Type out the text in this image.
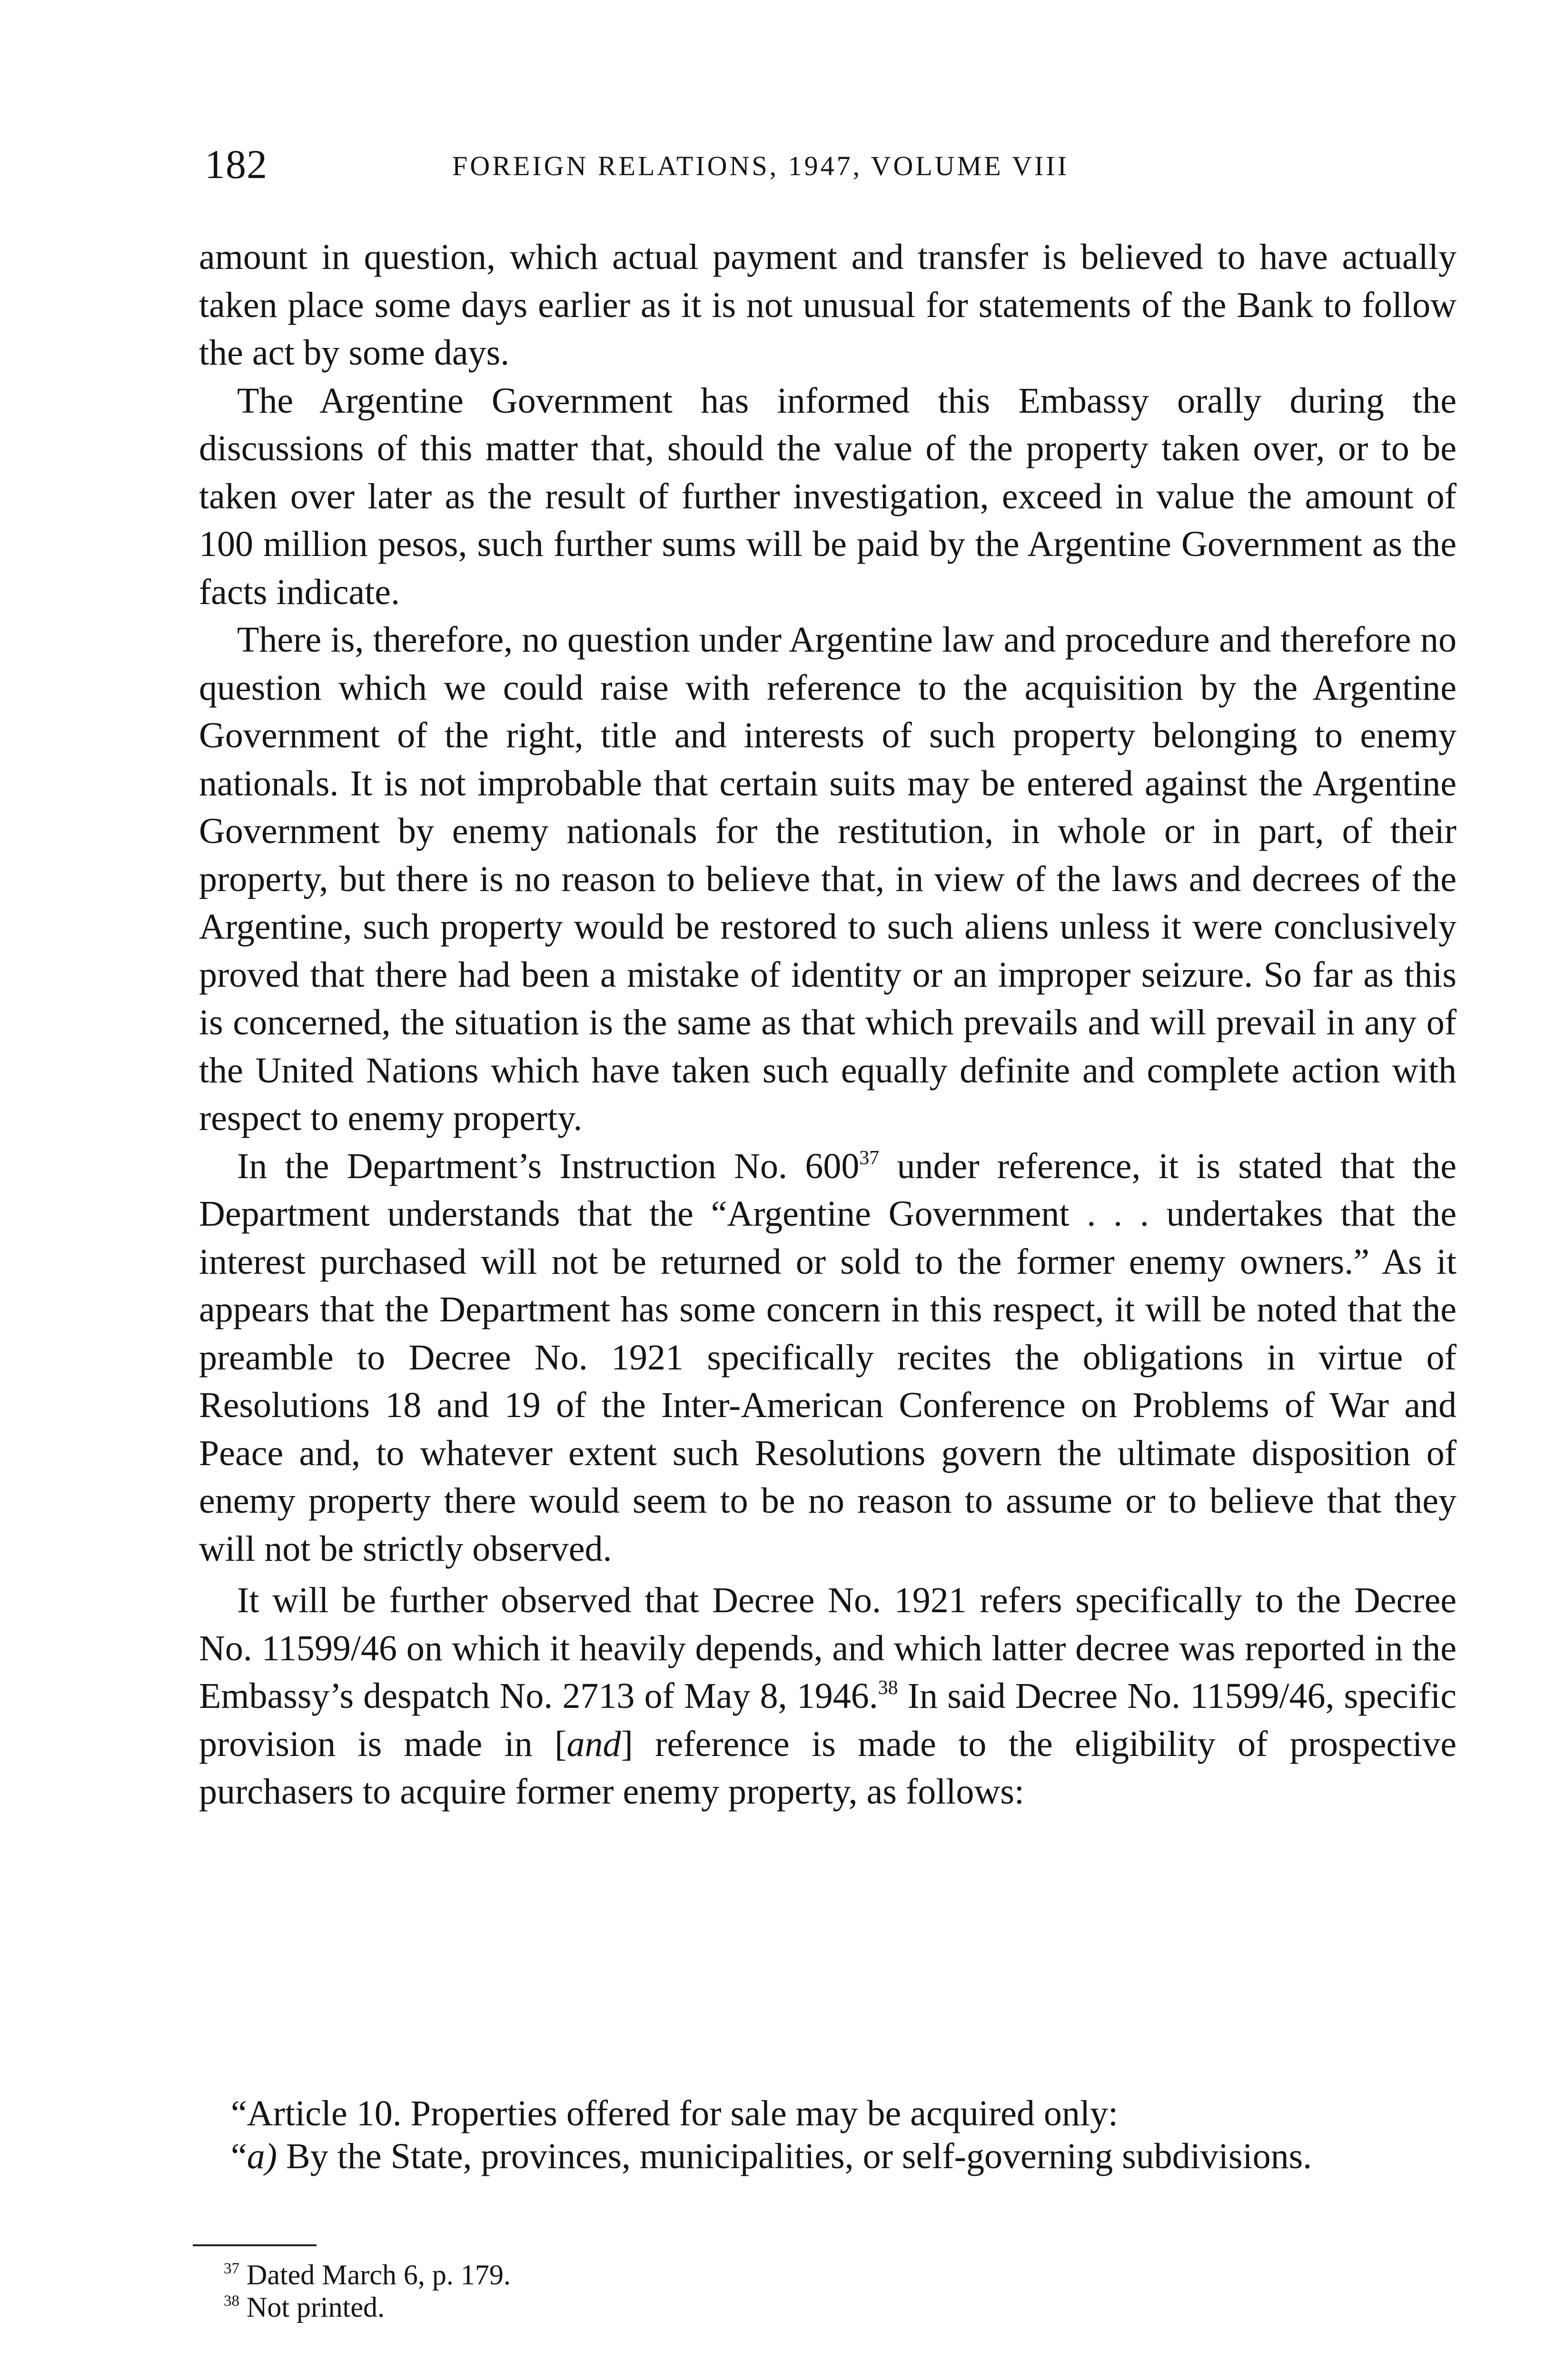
182	FOREIGN RELATIONS, 1947, VOLUME VIII

amount in question, which actual payment and transfer is believed to have actually taken place some days earlier as it is not unusual for statements of the Bank to follow the act by some days.

The Argentine Government has informed this Embassy orally during the discussions of this matter that, should the value of the property taken over, or to be taken over later as the result of further investigation, exceed in value the amount of 100 million pesos, such further sums will be paid by the Argentine Government as the facts indicate.

There is, therefore, no question under Argentine law and procedure and therefore no question which we could raise with reference to the acquisition by the Argentine Government of the right, title and interests of such property belonging to enemy nationals. It is not improbable that certain suits may be entered against the Argentine Government by enemy nationals for the restitution, in whole or in part, of their property, but there is no reason to believe that, in view of the laws and decrees of the Argentine, such property would be restored to such aliens unless it were conclusively proved that there had been a mistake of identity or an improper seizure. So far as this is concerned, the situation is the same as that which prevails and will prevail in any of the United Nations which have taken such equally definite and complete action with respect to enemy property.

In the Department’s Instruction No. $600^{37}$ under reference, it is stated that the Department understands that the “Argentine Government . . . undertakes that the interest purchased will not be returned or sold to the former enemy owners.” As it appears that the Department has some concern in this respect, it will be noted that the preamble to Decree No. 1921 specifically recites the obligations in virtue of Resolutions 18 and 19 of the Inter-American Conference on Problems of War and Peace and, to whatever extent such Resolutions govern the ultimate disposition of enemy property there would seem to be no reason to assume or to believe that they will not be strictly observed.

It will be further observed that Decree No. 1921 refers specifically to the Decree No. 11599/46 on which it heavily depends, and which latter decree was reported in the Embassy’s despatch No. 2713 of May 8, 1946.38 In said Decree No. 11599/46, specific provision is made in [and] reference is made to the eligibility of prospective purchasers to acquire former enemy property, as follows:

“Article 10. Properties offered for sale may be acquired only:

“a) By the State, provinces, municipalities, or self-governing subdivisions.

$^{37}$ Dated March 6, p. 179.
$^{38}$ Not printed.
